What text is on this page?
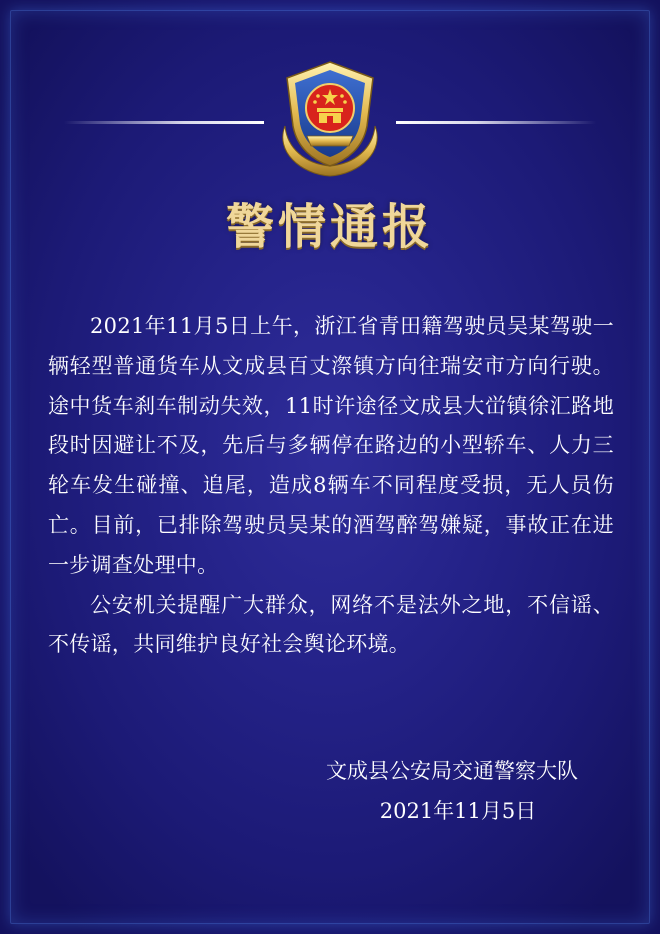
警情通报

2021年11月5日上午，浙江省青田籍驾驶员吴某驾驶一辆轻型普通货车从文成县百丈漈镇方向往瑞安市方向行驶。途中货车刹车制动失效，11时许途径文成县大峃镇徐汇路地段时因避让不及，先后与多辆停在路边的小型轿车、人力三轮车发生碰撞、追尾，造成8辆车不同程度受损，无人员伤亡。目前，已排除驾驶员吴某的酒驾醉驾嫌疑，事故正在进一步调查处理中。

公安机关提醒广大群众，网络不是法外之地，不信谣、不传谣，共同维护良好社会舆论环境。

文成县公安局交通警察大队
2021年11月5日
